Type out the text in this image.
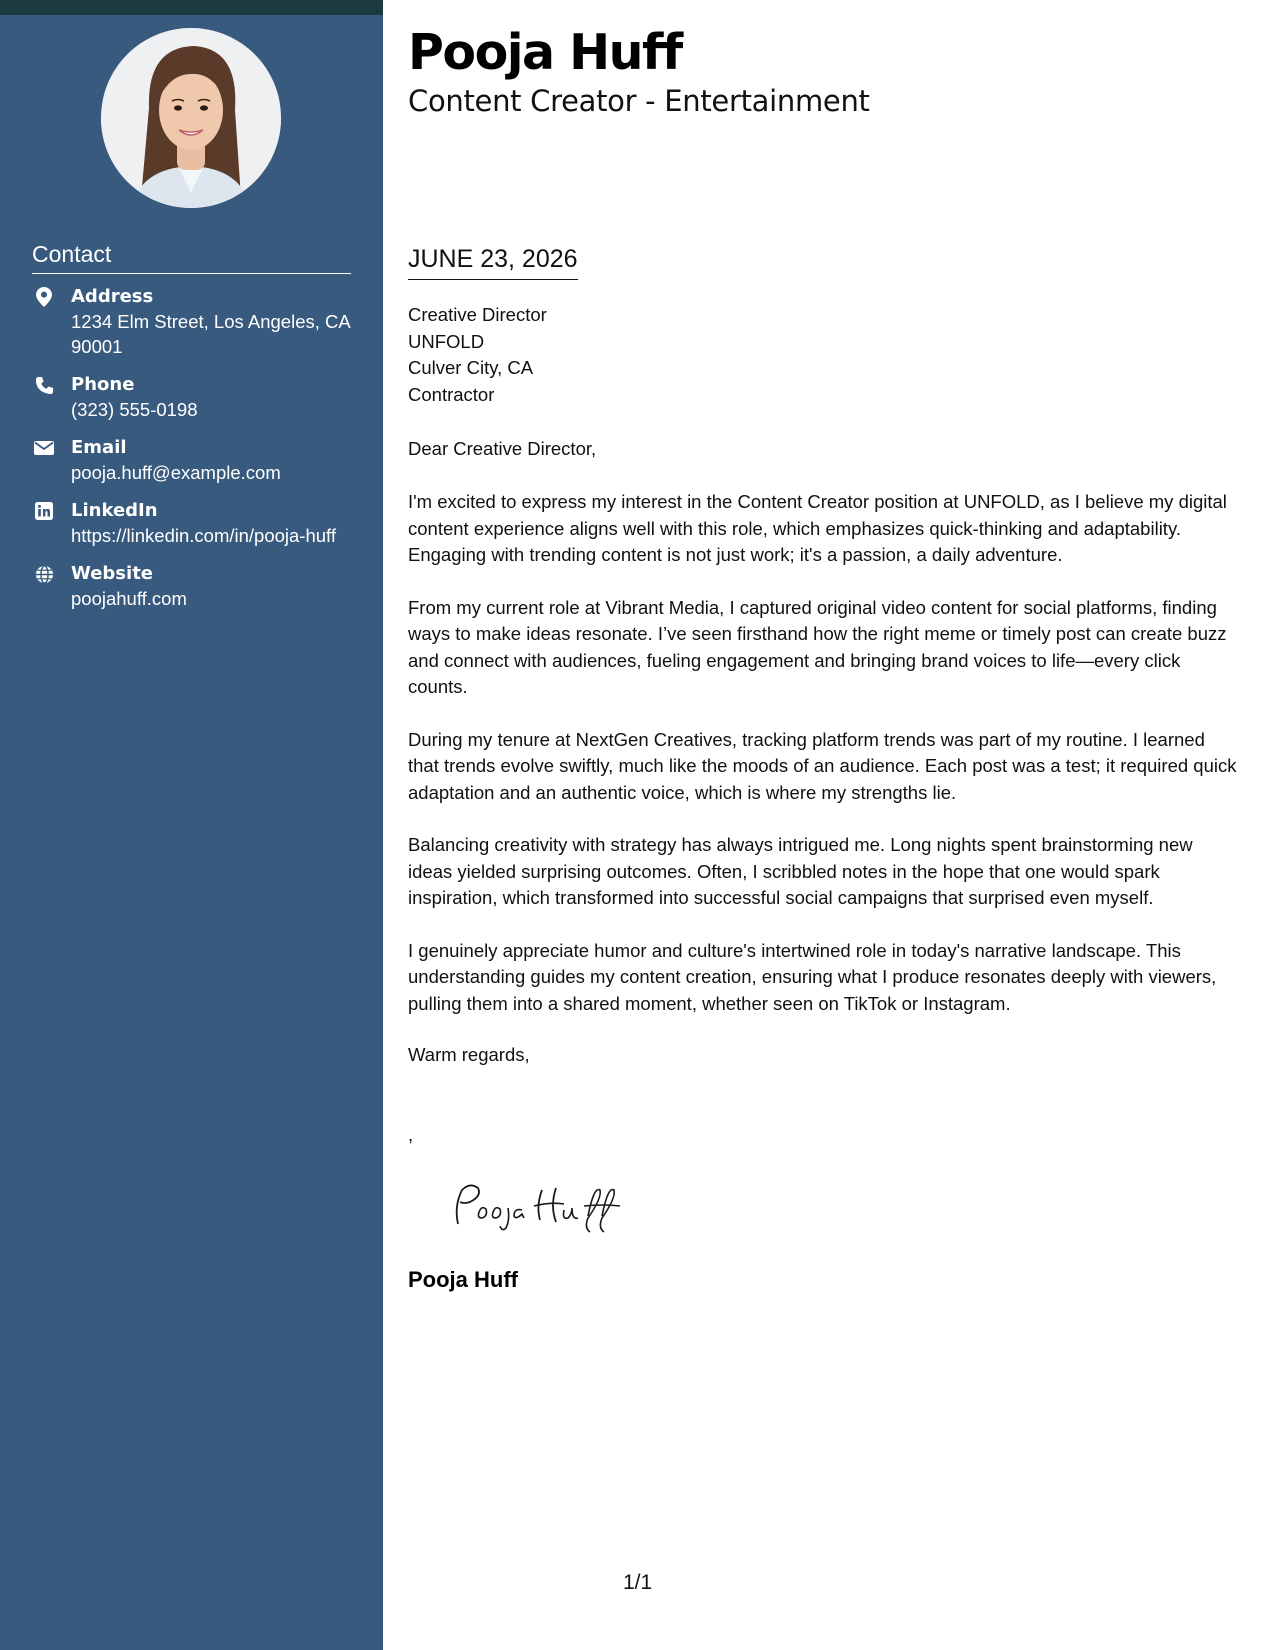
Contact
Address
1234 Elm Street, Los Angeles, CA 90001
Phone
(323) 555-0198
Email
pooja.huff@example.com
LinkedIn
https://linkedin.com/in/pooja-huff
Website
poojahuff.com
Pooja Huff
Content Creator - Entertainment
JUNE 23, 2026
Creative Director
UNFOLD
Culver City, CA
Contractor
Dear Creative Director,

I'm excited to express my interest in the Content Creator position at UNFOLD, as I believe my digital content experience aligns well with this role, which emphasizes quick-thinking and adaptability. Engaging with trending content is not just work; it's a passion, a daily adventure.

From my current role at Vibrant Media, I captured original video content for social platforms, finding ways to make ideas resonate. I’ve seen firsthand how the right meme or timely post can create buzz and connect with audiences, fueling engagement and bringing brand voices to life—every click counts.

During my tenure at NextGen Creatives, tracking platform trends was part of my routine. I learned that trends evolve swiftly, much like the moods of an audience. Each post was a test; it required quick adaptation and an authentic voice, which is where my strengths lie.

Balancing creativity with strategy has always intrigued me. Long nights spent brainstorming new ideas yielded surprising outcomes. Often, I scribbled notes in the hope that one would spark inspiration, which transformed into successful social campaigns that surprised even myself.

I genuinely appreciate humor and culture's intertwined role in today's narrative landscape. This understanding guides my content creation, ensuring what I produce resonates deeply with viewers, pulling them into a shared moment, whether seen on TikTok or Instagram.

Warm regards,
,
Pooja Huff
1/1
